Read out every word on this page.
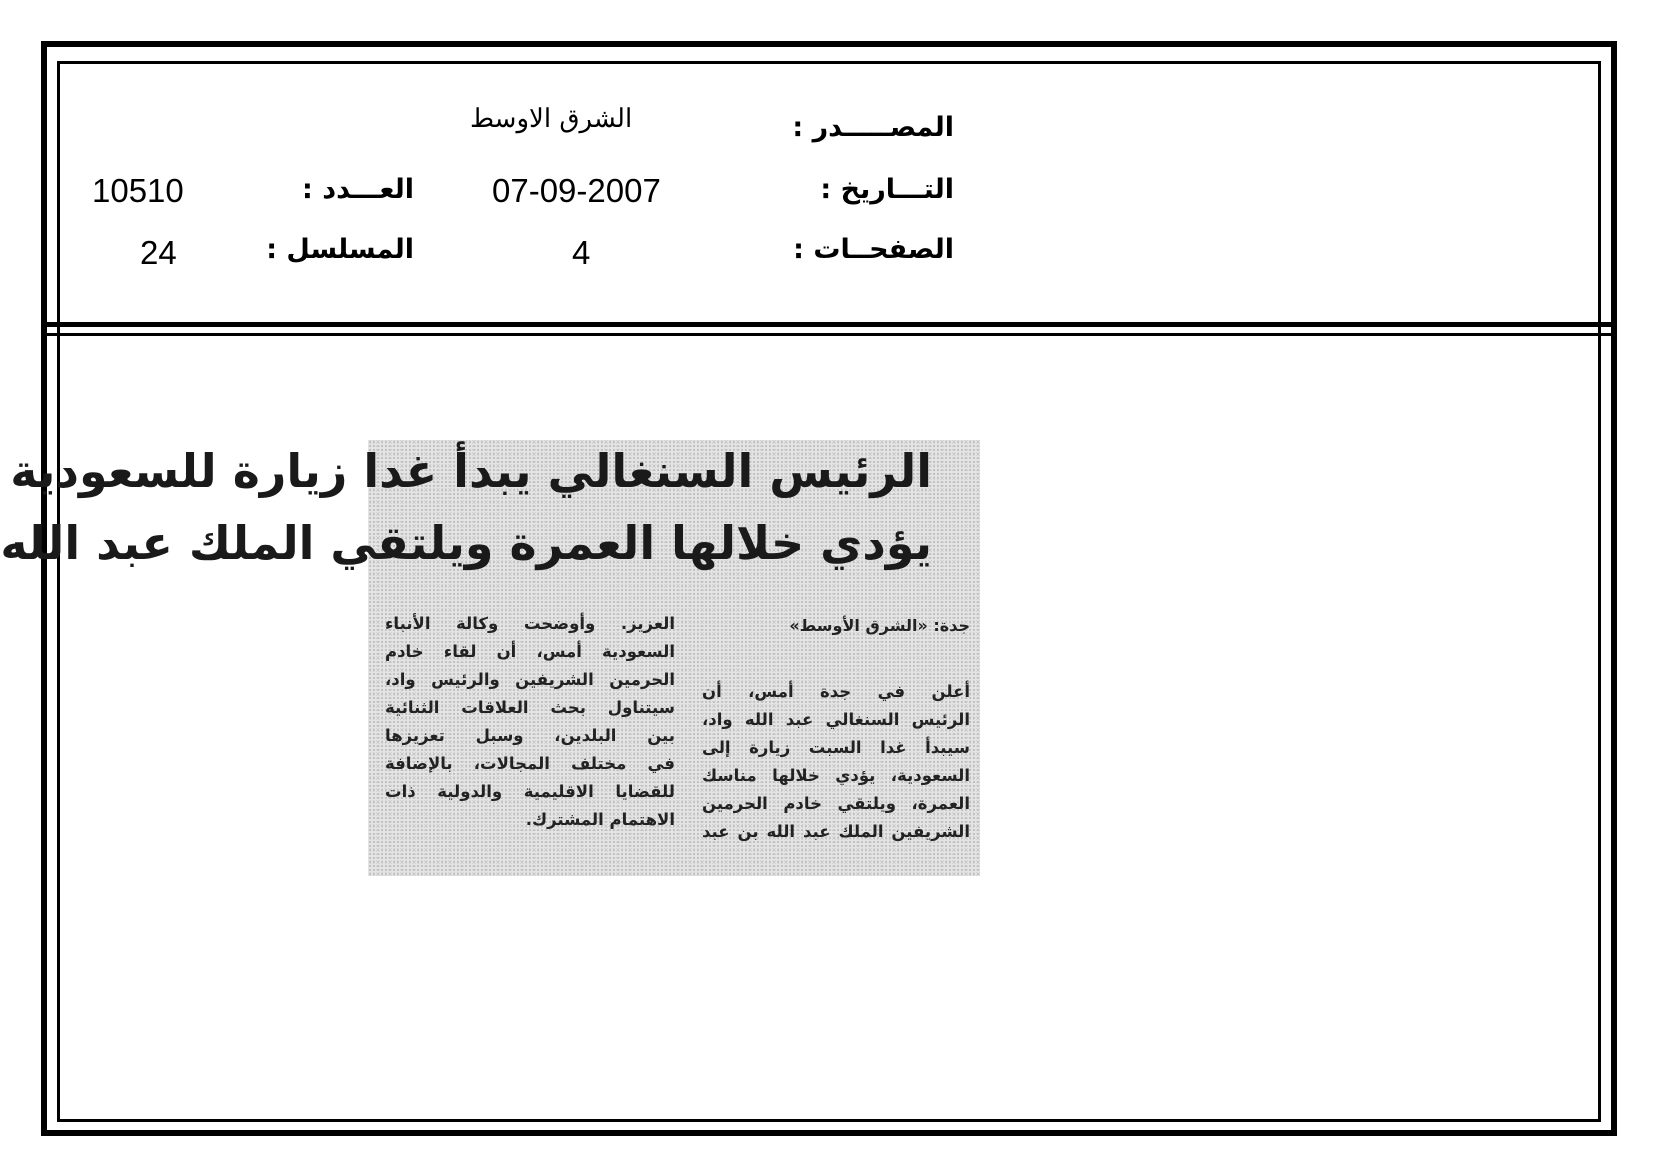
المصـــــدر :
الشرق الاوسط
التـــاريخ :
07-09-2007
العـــدد :
10510
الصفحــات :
4
المسلسل :
24
الرئيس السنغالي يبدأ غدا زيارة للسعودية
يؤدي خلالها العمرة ويلتقي الملك عبد الله
جدة: «الشرق الأوسط»
أعلن في جدة أمس، أن
الرئيس السنغالي عبد الله واد،
سيبدأ غدا السبت زيارة إلى
السعودية، يؤدي خلالها مناسك
العمرة، ويلتقي خادم الحرمين
الشريفين الملك عبد الله بن عبد
العزيز. وأوضحت وكالة الأنباء
السعودية أمس، أن لقاء خادم
الحرمين الشريفين والرئيس واد،
سيتناول بحث العلاقات الثنائية
بين البلدين، وسبل تعزيزها
في مختلف المجالات، بالإضافة
للقضايا الاقليمية والدولية ذات
الاهتمام المشترك.
